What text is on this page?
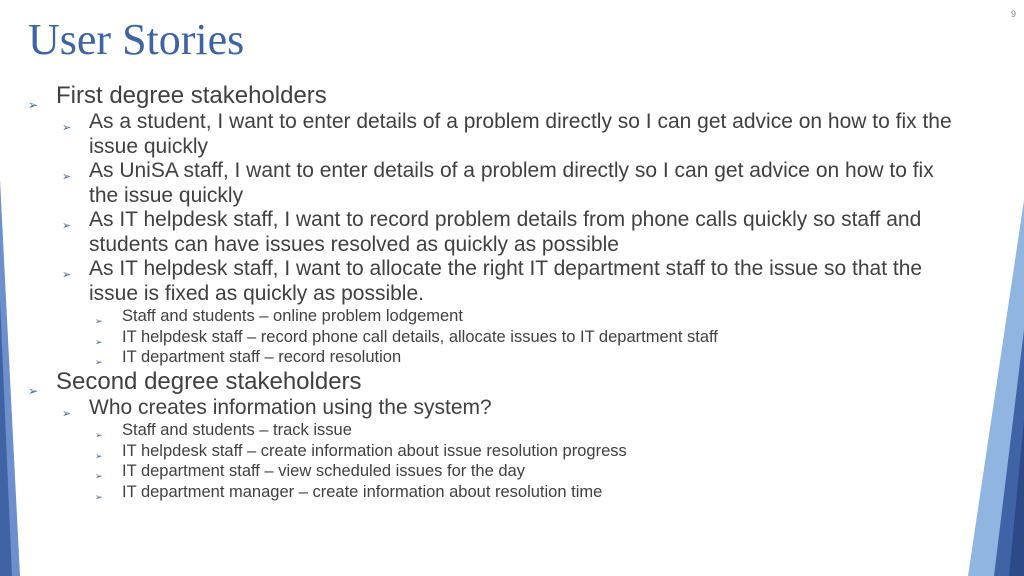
9
User Stories
➢ First degree stakeholders
➢ As a student, I want to enter details of a problem directly so I can get advice on how to fix the issue quickly
➢ As UniSA staff, I want to enter details of a problem directly so I can get advice on how to fix the issue quickly
➢ As IT helpdesk staff, I want to record problem details from phone calls quickly so staff and students can have issues resolved as quickly as possible
➢ As IT helpdesk staff, I want to allocate the right IT department staff to the issue so that the issue is fixed as quickly as possible.
➢ Staff and students – online problem lodgement
➢ IT helpdesk staff – record phone call details, allocate issues to IT department staff
➢ IT department staff – record resolution
➢ Second degree stakeholders
➢ Who creates information using the system?
➢ Staff and students – track issue
➢ IT helpdesk staff – create information about issue resolution progress
➢ IT department staff – view scheduled issues for the day
➢ IT department manager – create information about resolution time
